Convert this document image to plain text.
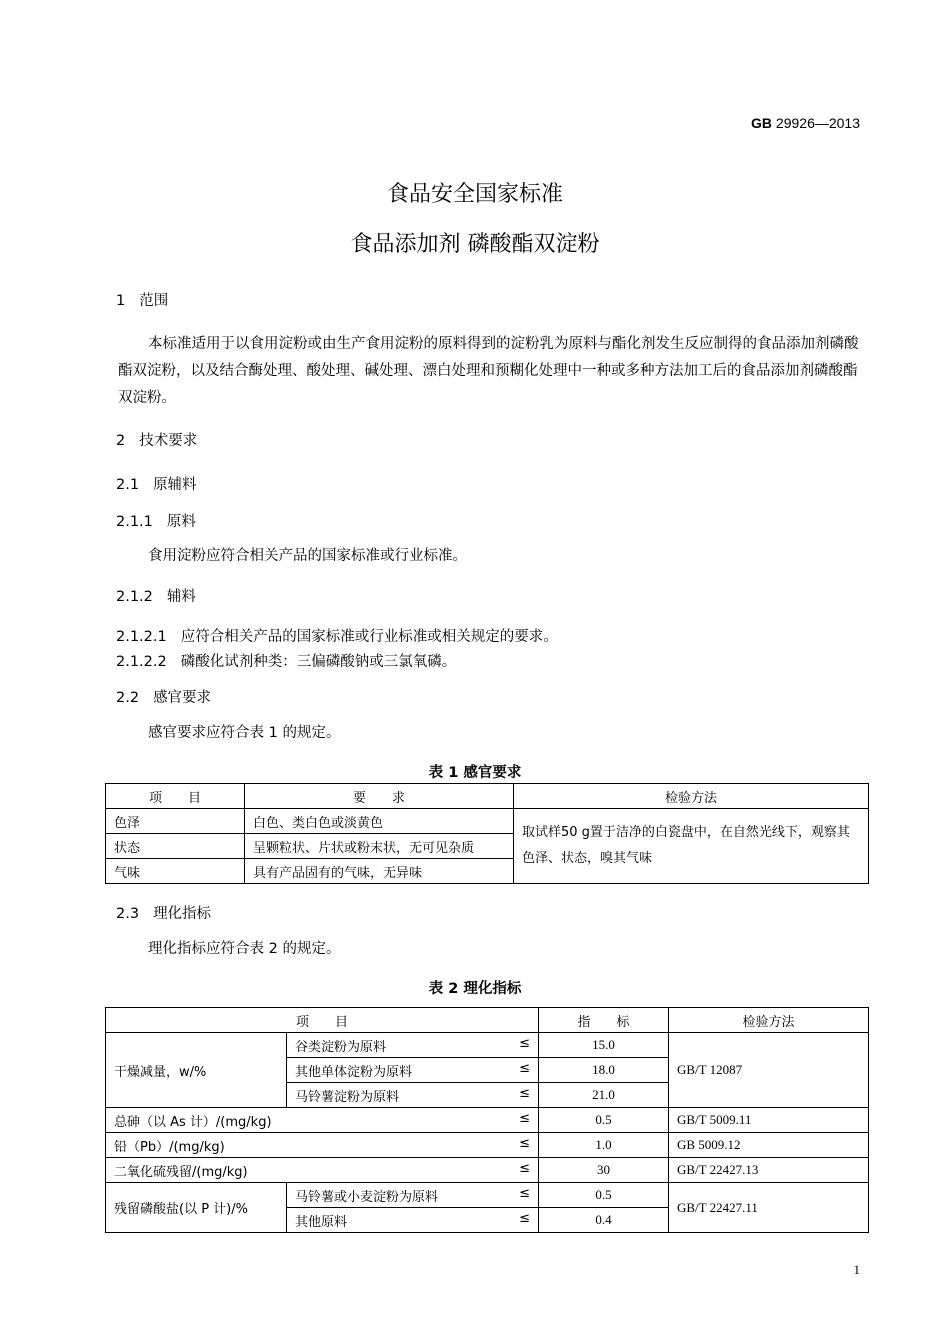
GB 29926—2013
食品安全国家标准
食品添加剂 磷酸酯双淀粉
1 范围
本标准适用于以食用淀粉或由生产食用淀粉的原料得到的淀粉乳为原料与酯化剂发生反应制得的食品添加剂磷酸酯双淀粉，以及结合酶处理、酸处理、碱处理、漂白处理和预糊化处理中一种或多种方法加工后的食品添加剂磷酸酯双淀粉。
2 技术要求
2.1 原辅料
2.1.1 原料
食用淀粉应符合相关产品的国家标准或行业标准。
2.1.2 辅料
2.1.2.1 应符合相关产品的国家标准或行业标准或相关规定的要求。
2.1.2.2 磷酸化试剂种类：三偏磷酸钠或三氯氧磷。
2.2 感官要求
感官要求应符合表 1 的规定。
表 1 感官要求
项　　目	要　　求	检验方法
色泽	白色、类白色或淡黄色	取试样50 g置于洁净的白瓷盘中，在自然光线下，观察其色泽、状态，嗅其气味
状态	呈颗粒状、片状或粉末状，无可见杂质	
气味	具有产品固有的气味，无异味	
2.3 理化指标
理化指标应符合表 2 的规定。
表 2 理化指标
项　　目		指　　标	检验方法
干燥减量，w/%	谷类淀粉为原料 ≤	15.0	GB/T 12087
	其他单体淀粉为原料 ≤	18.0	
	马铃薯淀粉为原料 ≤	21.0	
总砷（以 As 计）/(mg/kg) ≤		0.5	GB/T 5009.11
铅（Pb）/(mg/kg) ≤		1.0	GB 5009.12
二氧化硫残留/(mg/kg) ≤		30	GB/T 22427.13
残留磷酸盐(以 P 计)/%	马铃薯或小麦淀粉为原料 ≤	0.5	GB/T 22427.11
	其他原料 ≤	0.4	
1
